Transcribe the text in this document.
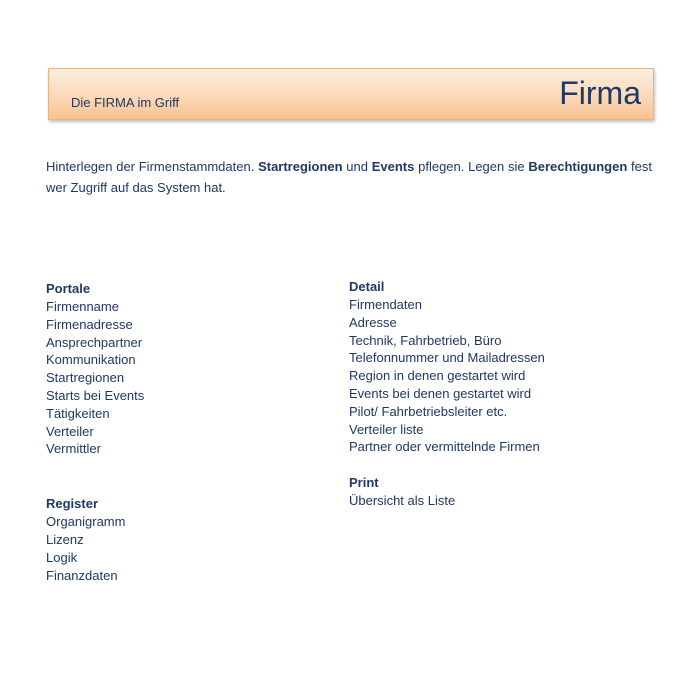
Die FIRMA im Griff	Firma
Hinterlegen der Firmenstammdaten. Startregionen und Events pflegen. Legen sie Berechtigungen fest wer Zugriff auf das System hat.
Portale
Firmenname
Firmenadresse
Ansprechpartner
Kommunikation
Startregionen
Starts bei Events
Tätigkeiten
Verteiler
Vermittler
Register
Organigramm
Lizenz
Logik
Finanzdaten
Detail
Firmendaten
Adresse
Technik, Fahrbetrieb, Büro
Telefonnummer und Mailadressen
Region in denen gestartet wird
Events bei denen gestartet wird
Pilot/ Fahrbetriebsleiter etc.
Verteiler liste
Partner oder vermittelnde Firmen
Print
Übersicht als Liste
